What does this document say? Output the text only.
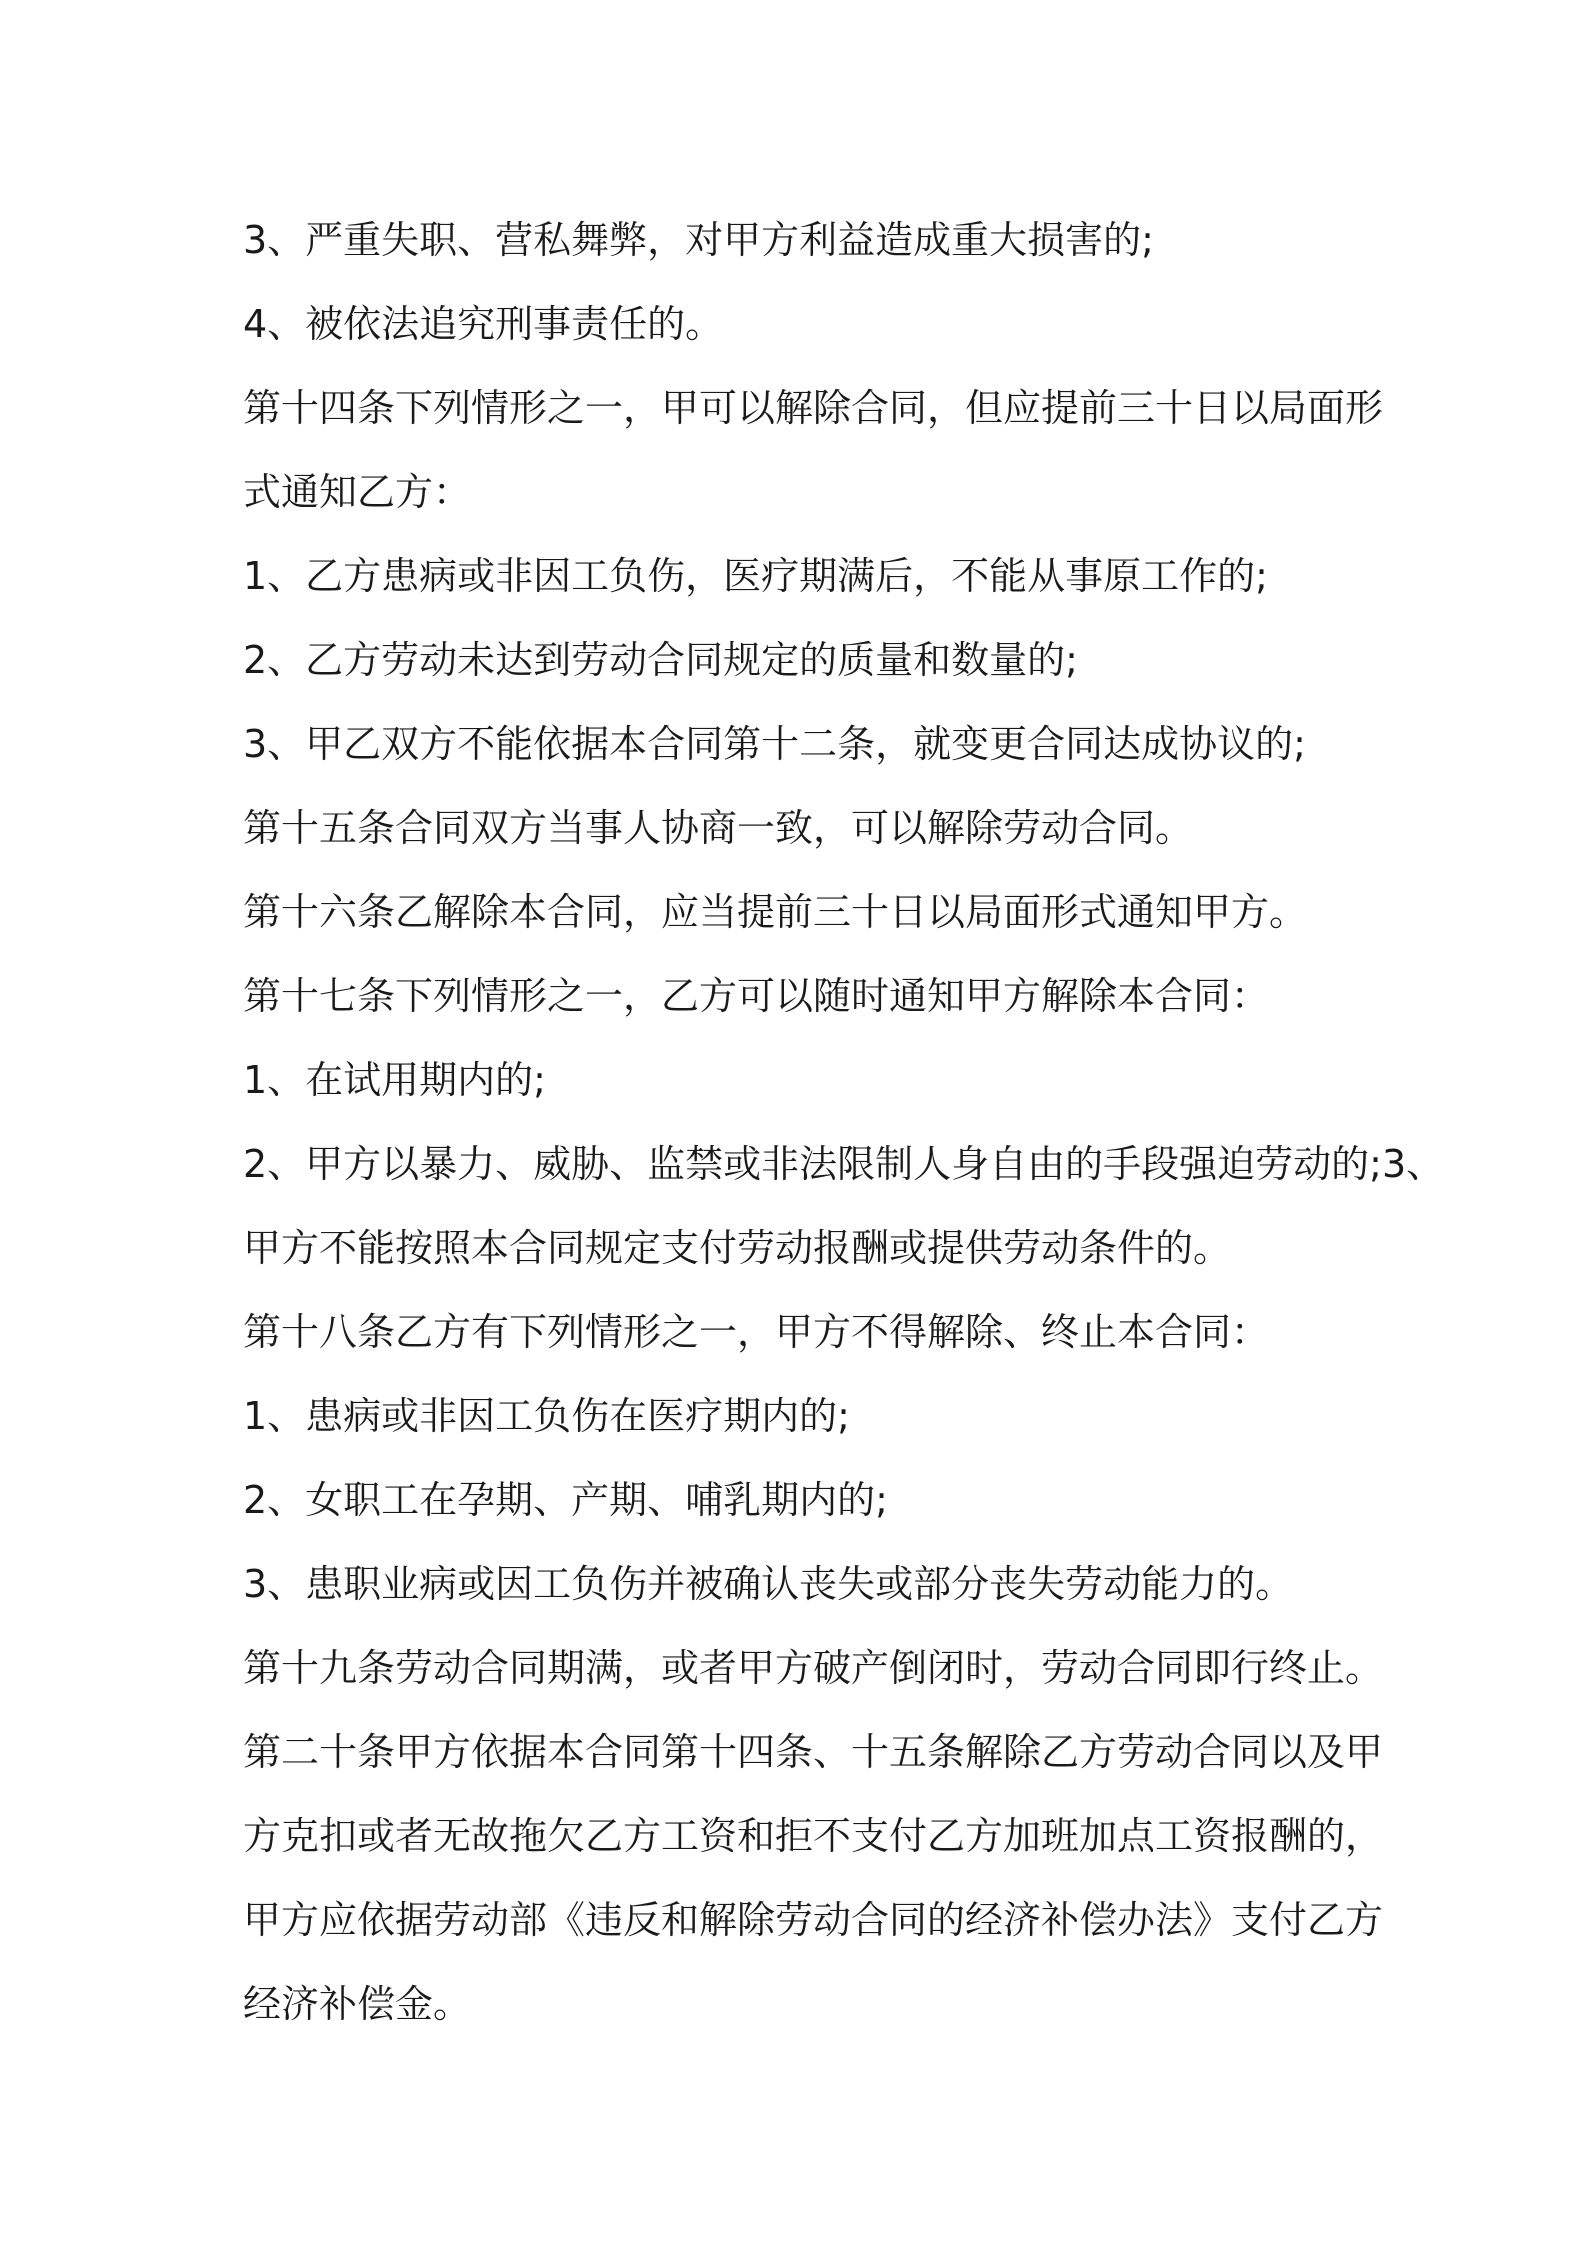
3、严重失职、营私舞弊，对甲方利益造成重大损害的;

4、被依法追究刑事责任的。

第十四条下列情形之一，甲可以解除合同，但应提前三十日以局面形

式通知乙方：

1、乙方患病或非因工负伤，医疗期满后，不能从事原工作的;

2、乙方劳动未达到劳动合同规定的质量和数量的;

3、甲乙双方不能依据本合同第十二条，就变更合同达成协议的;

第十五条合同双方当事人协商一致，可以解除劳动合同。

第十六条乙解除本合同，应当提前三十日以局面形式通知甲方。

第十七条下列情形之一，乙方可以随时通知甲方解除本合同：

1、在试用期内的;

2、甲方以暴力、威胁、监禁或非法限制人身自由的手段强迫劳动的;3、

甲方不能按照本合同规定支付劳动报酬或提供劳动条件的。

第十八条乙方有下列情形之一，甲方不得解除、终止本合同：

1、患病或非因工负伤在医疗期内的;

2、女职工在孕期、产期、哺乳期内的;

3、患职业病或因工负伤并被确认丧失或部分丧失劳动能力的。

第十九条劳动合同期满，或者甲方破产倒闭时，劳动合同即行终止。

第二十条甲方依据本合同第十四条、十五条解除乙方劳动合同以及甲

方克扣或者无故拖欠乙方工资和拒不支付乙方加班加点工资报酬的，

甲方应依据劳动部《违反和解除劳动合同的经济补偿办法》支付乙方

经济补偿金。
